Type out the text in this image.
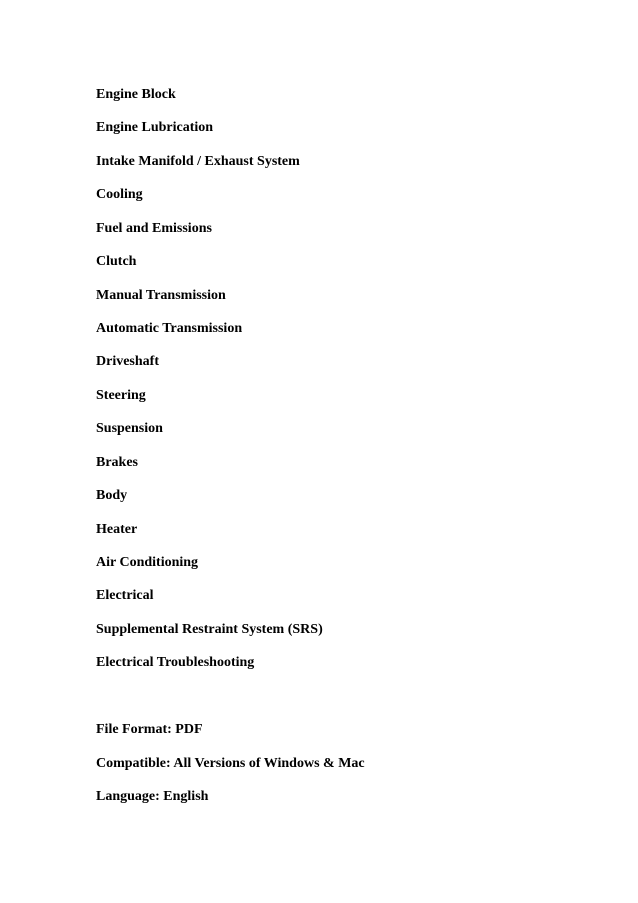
Engine Block
Engine Lubrication
Intake Manifold / Exhaust System
Cooling
Fuel and Emissions
Clutch
Manual Transmission
Automatic Transmission
Driveshaft
Steering
Suspension
Brakes
Body
Heater
Air Conditioning
Electrical
Supplemental Restraint System (SRS)
Electrical Troubleshooting
File Format: PDF
Compatible: All Versions of Windows & Mac
Language: English
